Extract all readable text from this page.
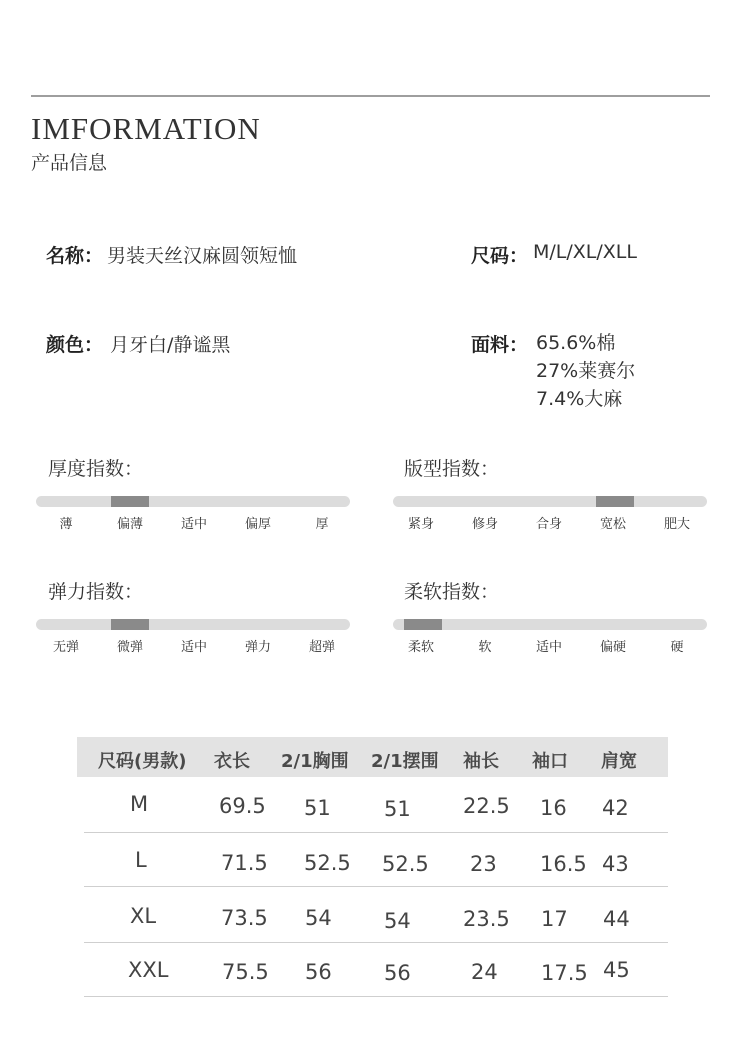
IMFORMATION
产品信息
名称： 男装天丝汉麻圆领短恤	尺码： M/L/XL/XLL
颜色： 月牙白/静谧黑	面料： 65.6%棉
27%莱赛尔
7.4%大麻
厚度指数：
薄	偏薄	适中	偏厚	厚
版型指数：
紧身	修身	合身	宽松	肥大
弹力指数：
无弹	微弹	适中	弹力	超弹
柔软指数：
柔软	软	适中	偏硬	硬
尺码(男款) 衣长 2/1胸围 2/1摆围 袖长 袖口 肩宽
M	69.5 51	51 22.5 16 42
L	71.5 52.5 52.5 23 16.5 43
XL	73.5 54 54 23.5 17 44
XXL	75.5 56 56	24 17.5 45
